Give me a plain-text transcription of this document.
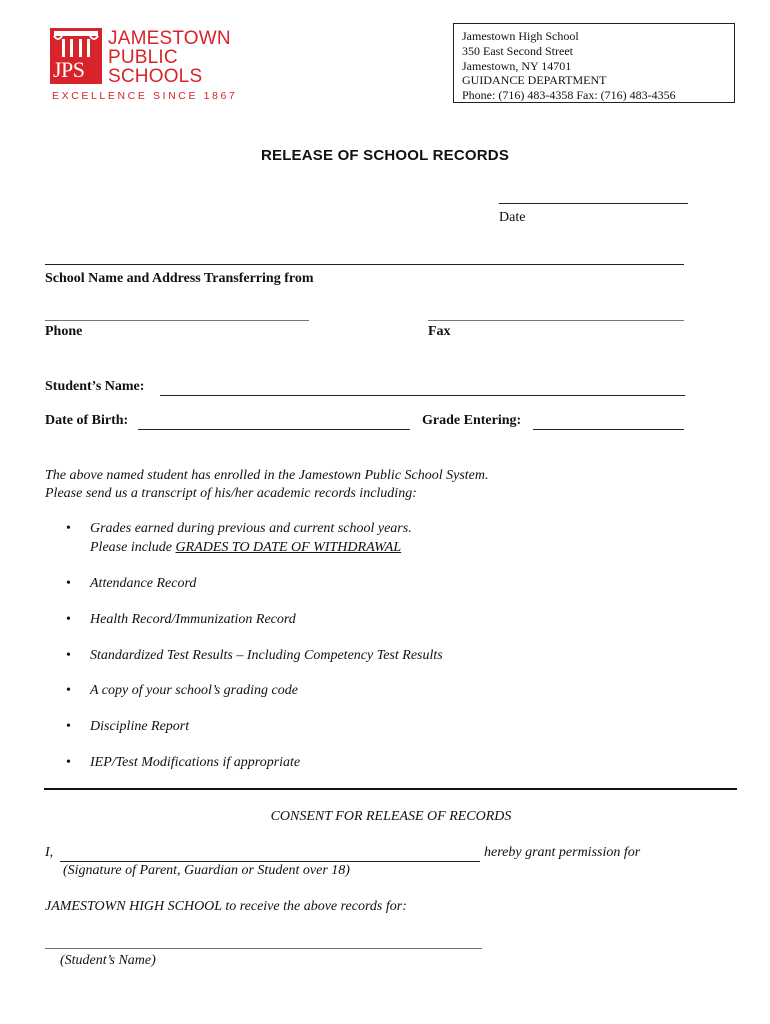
JPS
JAMESTOWN
PUBLIC
SCHOOLS
EXCELLENCE SINCE 1867
Jamestown High School
350 East Second Street
Jamestown, NY 14701
GUIDANCE DEPARTMENT
Phone: (716) 483-4358 Fax: (716) 483-4356
RELEASE OF SCHOOL RECORDS
Date
School Name and Address Transferring from
Phone	Fax
Student’s Name:
Date of Birth:	Grade Entering:
The above named student has enrolled in the Jamestown Public School System.
Please send us a transcript of his/her academic records including:
• Grades earned during previous and current school years.
Please include GRADES TO DATE OF WITHDRAWAL
• Attendance Record
• Health Record/Immunization Record
• Standardized Test Results – Including Competency Test Results
• A copy of your school’s grading code
• Discipline Report
• IEP/Test Modifications if appropriate
CONSENT FOR RELEASE OF RECORDS
I,	hereby grant permission for
(Signature of Parent, Guardian or Student over 18)
JAMESTOWN HIGH SCHOOL to receive the above records for:
(Student’s Name)
